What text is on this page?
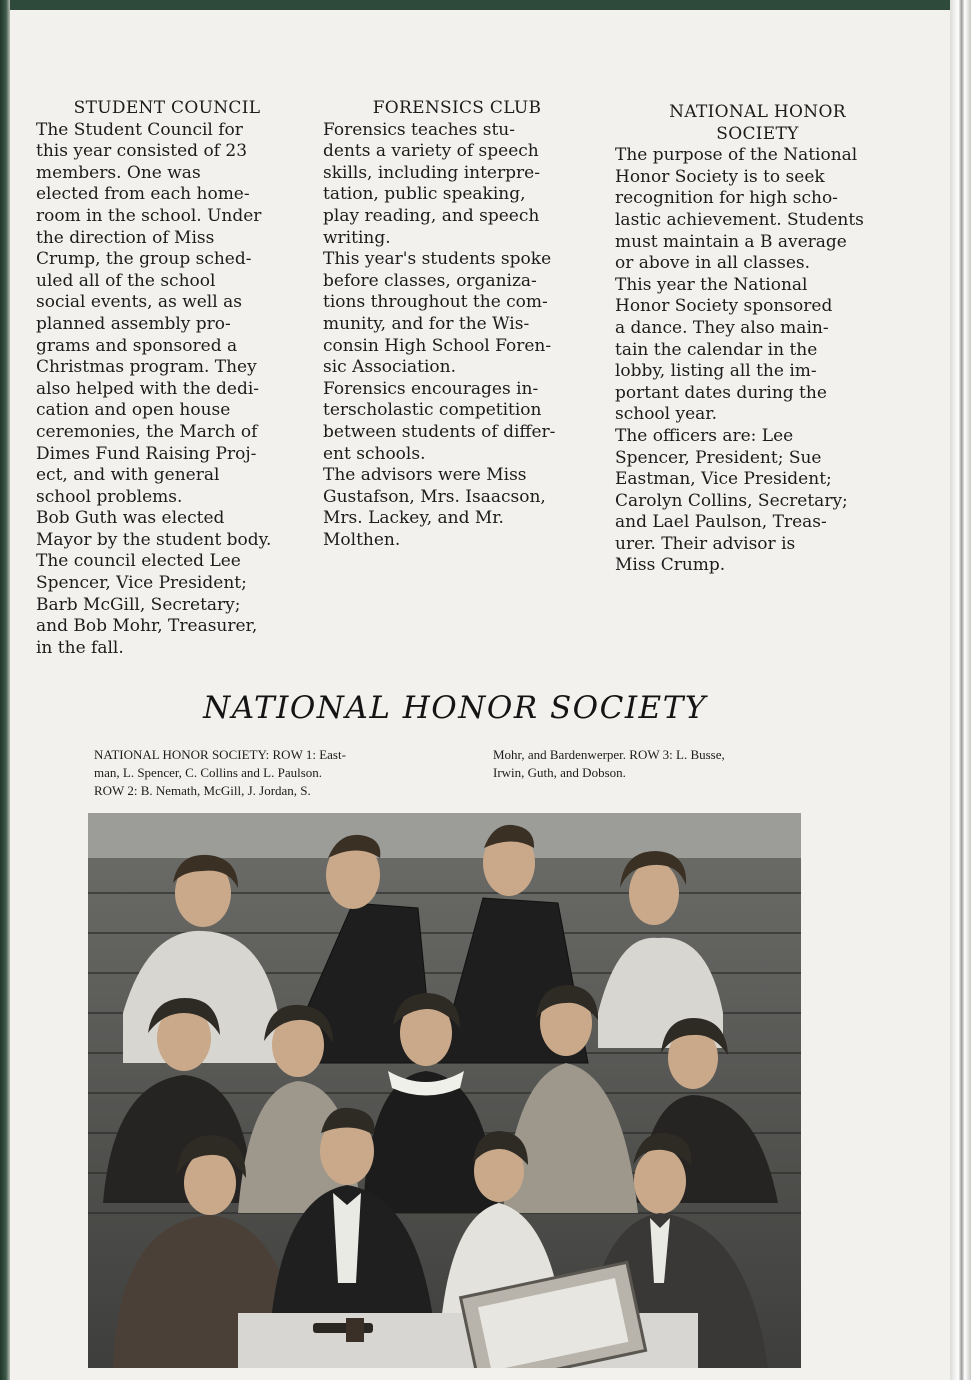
STUDENT COUNCIL
The Student Council for
this year consisted of 23
members. One was
elected from each home-
room in the school. Under
the direction of Miss
Crump, the group sched-
uled all of the school
social events, as well as
planned assembly pro-
grams and sponsored a
Christmas program. They
also helped with the dedi-
cation and open house
ceremonies, the March of
Dimes Fund Raising Proj-
ect, and with general
school problems.
Bob Guth was elected
Mayor by the student body.
The council elected Lee
Spencer, Vice President;
Barb McGill, Secretary;
and Bob Mohr, Treasurer,
in the fall.
FORENSICS CLUB
Forensics teaches stu-
dents a variety of speech
skills, including interpre-
tation, public speaking,
play reading, and speech
writing.
This year's students spoke
before classes, organiza-
tions throughout the com-
munity, and for the Wis-
consin High School Foren-
sic Association.
Forensics encourages in-
terscholastic competition
between students of differ-
ent schools.
The advisors were Miss
Gustafson, Mrs. Isaacson,
Mrs. Lackey, and Mr.
Molthen.
NATIONAL HONOR
SOCIETY
The purpose of the National
Honor Society is to seek
recognition for high scho-
lastic achievement. Students
must maintain a B average
or above in all classes.
This year the National
Honor Society sponsored
a dance. They also main-
tain the calendar in the
lobby, listing all the im-
portant dates during the
school year.
The officers are: Lee
Spencer, President; Sue
Eastman, Vice President;
Carolyn Collins, Secretary;
and Lael Paulson, Treas-
urer. Their advisor is
Miss Crump.
NATIONAL HONOR SOCIETY
NATIONAL HONOR SOCIETY: ROW 1: East-
man, L. Spencer, C. Collins and L. Paulson.
ROW 2: B. Nemath, McGill, J. Jordan, S.
Mohr, and Bardenwerper. ROW 3: L. Busse,
Irwin, Guth, and Dobson.
